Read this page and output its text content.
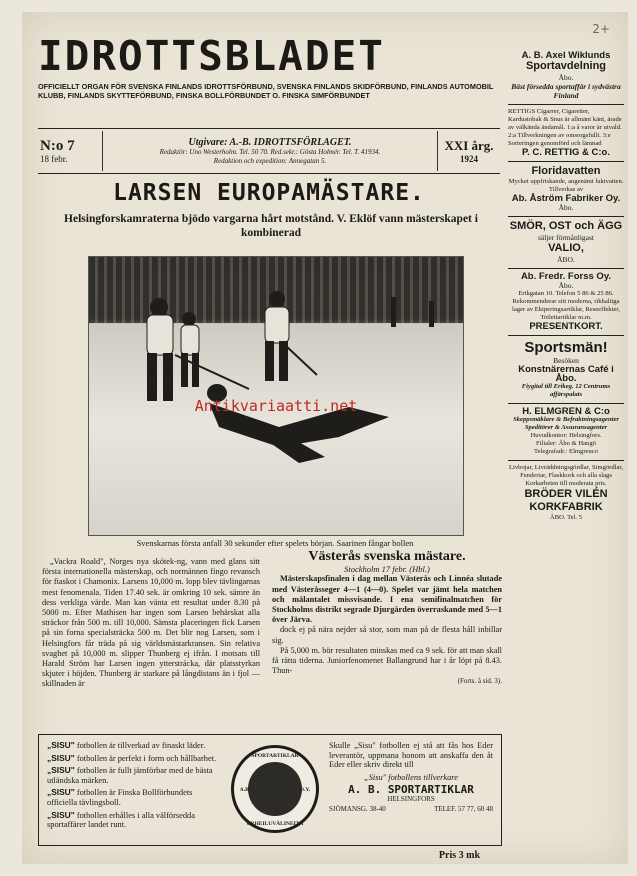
2+
IDROTTSBLADET
OFFICIELLT ORGAN FÖR SVENSKA FINLANDS IDROTTSFÖRBUND, SVENSKA FINLANDS SKIDFÖRBUND, FINLANDS AUTOMOBIL KLUBB, FINLANDS SKYTTEFÖRBUND, FINSKA BOLLFÖRBUNDET O. FINSKA SIMFÖRBUNDET
N:o 7
18 febr.
Utgivare: A.-B. IDROTTSFÖRLAGET.
Redaktör: Uno Westerholm. Tel. 50 70. Red.sekr.: Gösta Holmér. Tel. T. 41934.
Redaktion och expedition: Annegatan 5.
XXI årg.
1924
LARSEN EUROPAMÄSTARE.
Helsingforskamraterna bjödo vargarna hårt motstånd. V. Eklöf vann mästerskapet i kombinerad
Antikvariaatti.net
Svenskarnas första anfall 30 sekunder efter spelets början. Saarinen fångar bollen

„Vackra Roald", Norges nya skötek-ng, vann med glans sitt första internationella mästerskap, och normännen fingo revansch för fiaskot i Chamonix. Larsens 10,000 m. lopp blev tävlingarnas mest fenomenala. Tiden 17.40 sek. är omkring 10 sek. sämre än dess verkliga värde. Man kan vänta ett resultat under 8.30 på 5000 m. Efter Mathisen har ingen som Larsen behärskat alla sträckor från 500 m. till 10,000. Sämsta placeringen fick Larsen på sin forna specialsträcka 500 m. Det blir nog Larsen, som i Helsingfors får träda på sig världsmästarkransen. Sin relativa svaghet på 10,000 m. slipper Thunberg ej ifrån. I motsats till Harald Ström har Larsen ingen ytterstrácka, där platsstyrkan skjuter i höjden. Thunberg är starkare på långdistans än i fjol — skillnaden är

Västerås svenska mästare.
Stockholm 17 febr. (Hbl.)

Mästerskapsfinalen i dag mellan Västerås och Linnéa slutade med Västeråsseger 4—1 (4—0). Spelet var jämt hela matchen och målantalet missvisande. I ena semifinalmatchen för Stockholms distrikt segrade Djurgården överraskande med 5—1 över Järva.

dock ej på nära nejder så stor, som man på de flesta håll inbillar sig.

På 5,000 m. bör resultaten minskas med ca 9 sek. för att man skall få rätta tiderna. Juniorfenomenet Ballangrund har i år löpt på 8.43. Thun-

(Forts. å sid. 3).
„SISU" fotbollen är tillverkad av finaskt läder.
„SISU" fotbollen är perfekt i form och hållbarhet.
„SISU" fotbollen är fullt jämförbar med de bästa utländska märken.
„SISU" fotbollen är Finska Bollförbundets officiella tävlingsboll.
„SISU" fotbollen erhålles i alla välförsedda sportaffärer landet runt.
SPORTARTIKLAR
A.B.	O.Y.
URHEILUVÄLINEITÄ
Skulle „Sisu" fotbollen ej stå att fås hos Eder leverantör, uppmana honom att anskaffa den åt Eder eller skriv direkt till
„Sisu" fotbollens tillverkare
A. B. SPORTARTIKLAR
HELSINGFORS
SJÖMANSG. 38-40	TELEF. 57 77, 60 48
Pris 3 mk
A. B. Axel Wiklunds
Sportavdelning
Åbo.
Bäst försedda sportaffär i sydvästra Finland
RETTIGS Cigarrer, Cigaretter, Kardustobak & Snus är allmänt känt, ärade av välkända ändamål. 1:a å varor är utvald. 2:a Tillverkningen av omsorgsfullt. 3:e Sorteringen genomförd och lämnad
P. C. RETTIG & C:o.
Floridavatten
Mycket uppfriskande, angenämt luktvatten. Tillverkas av
Ab. Åström Fabriker Oy.
Åbo.
SMÖR, OST och ÄGG
säljer förmånligast
VALIO,
ÅBO.
Ab. Fredr. Forss Oy.
Åbo.
Erikgatan 10. Telefon 5 86 & 25 86. Rekommenderar sitt moderna, rikhaltiga lager av Ekiperingsartiklar, Reseeffekter, Toilettartiklar m.m.
PRESENTKORT.
Sportsmän!
Besöken
Konstnärernas Café i Åbo.
Fiygital till Erikeg. 12 Centrums affärspalats
H. ELMGREN & C:o
Skeppsmäklare & Befraktningsagenter
Speditörer & Assuransagenter
Huvudkontor: Helsingfors.
Filialer: Åbo & Hangö
Telegrafadr.: Elmgrenco
Livbojar, Livräddningsgördlar, Simgördlar, Fendertar, Flaskkork och alla slags Korkarbeten till moderata pris.
BRÖDER VILÉN KORKFABRIK
ÅBO. Tel. 5
